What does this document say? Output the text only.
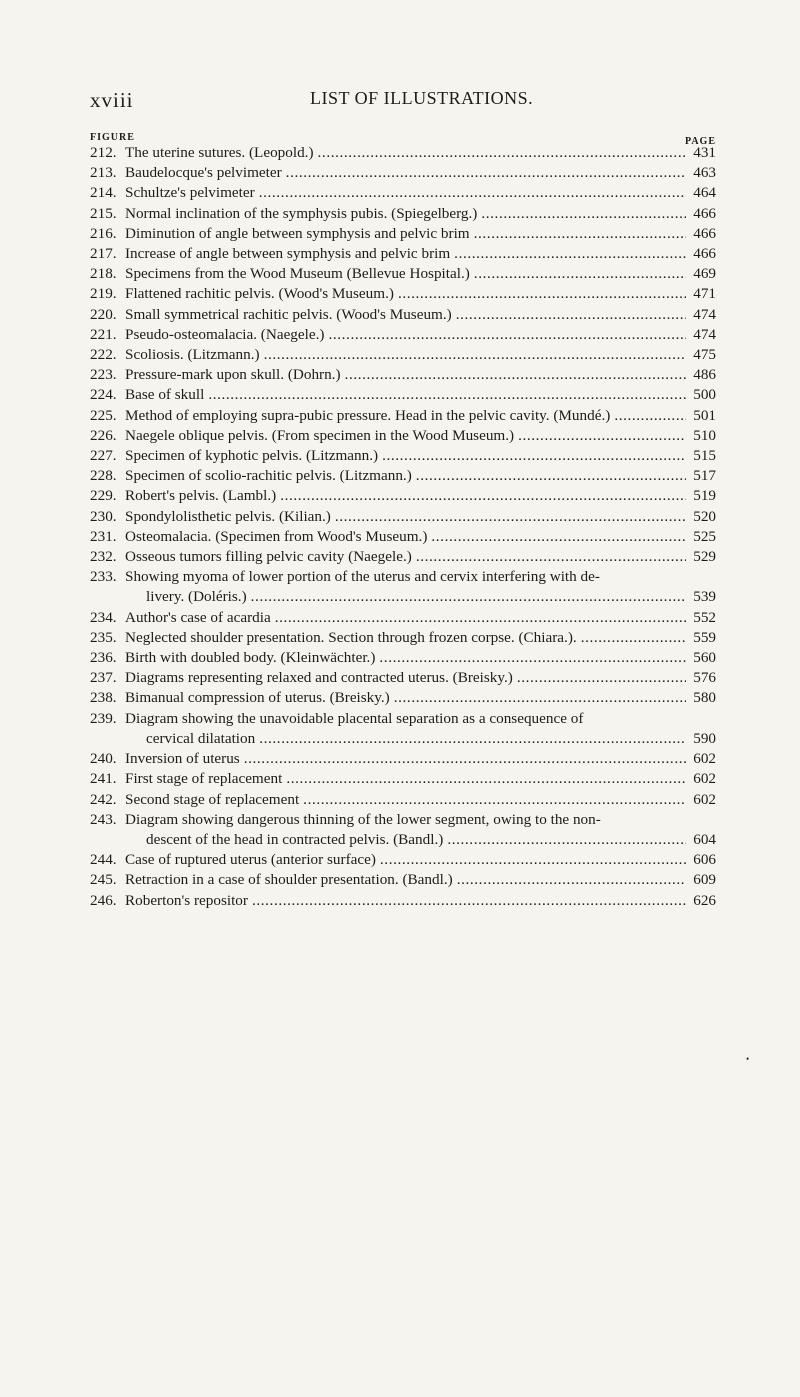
xviii	LIST OF ILLUSTRATIONS.
FIGURE	PAGE
212. The uterine sutures. (Leopold.) . . .	431
213. Baudelocque's pelvimeter . . .	463
214. Schultze's pelvimeter . . .	464
215. Normal inclination of the symphysis pubis. (Spiegelberg.) . . .	466
216. Diminution of angle between symphysis and pelvic brim . . .	466
217. Increase of angle between symphysis and pelvic brim . . .	466
218. Specimens from the Wood Museum (Bellevue Hospital.) . . .	469
219. Flattened rachitic pelvis. (Wood's Museum.) . . .	471
220. Small symmetrical rachitic pelvis. (Wood's Museum.) . . .	474
221. Pseudo-osteomalacia. (Naegele.) . . .	474
222. Scoliosis. (Litzmann.) . . .	475
223. Pressure-mark upon skull. (Dohrn.) . . .	486
224. Base of skull . . .	500
225. Method of employing supra-pubic pressure. Head in the pelvic cavity. (Mundé.) . . .	501
226. Naegele oblique pelvis. (From specimen in the Wood Museum.) . . .	510
227. Specimen of kyphotic pelvis. (Litzmann.) . . .	515
228. Specimen of scolio-rachitic pelvis. (Litzmann.) . . .	517
229. Robert's pelvis. (Lambl.) . . .	519
230. Spondylolisthetic pelvis. (Kilian.) . . .	520
231. Osteomalacia. (Specimen from Wood's Museum.) . . .	525
232. Osseous tumors filling pelvic cavity (Naegele.) . . .	529
233. Showing myoma of lower portion of the uterus and cervix interfering with de-
livery. (Doléris.) . . .	539
234. Author's case of acardia . . .	552
235. Neglected shoulder presentation. Section through frozen corpse. (Chiara.). . . .	559
236. Birth with doubled body. (Kleinwächter.) . . .	560
237. Diagrams representing relaxed and contracted uterus. (Breisky.) . . .	576
238. Bimanual compression of uterus. (Breisky.) . . .	580
239. Diagram showing the unavoidable placental separation as a consequence of
cervical dilatation . . .	590
240. Inversion of uterus . . .	602
241. First stage of replacement . . .	602
242. Second stage of replacement . . .	602
243. Diagram showing dangerous thinning of the lower segment, owing to the non-
descent of the head in contracted pelvis. (Bandl.) . . .	604
244. Case of ruptured uterus (anterior surface) . . .	606
245. Retraction in a case of shoulder presentation. (Bandl.) . . .	609
246. Roberton's repositor . . .	626
•
